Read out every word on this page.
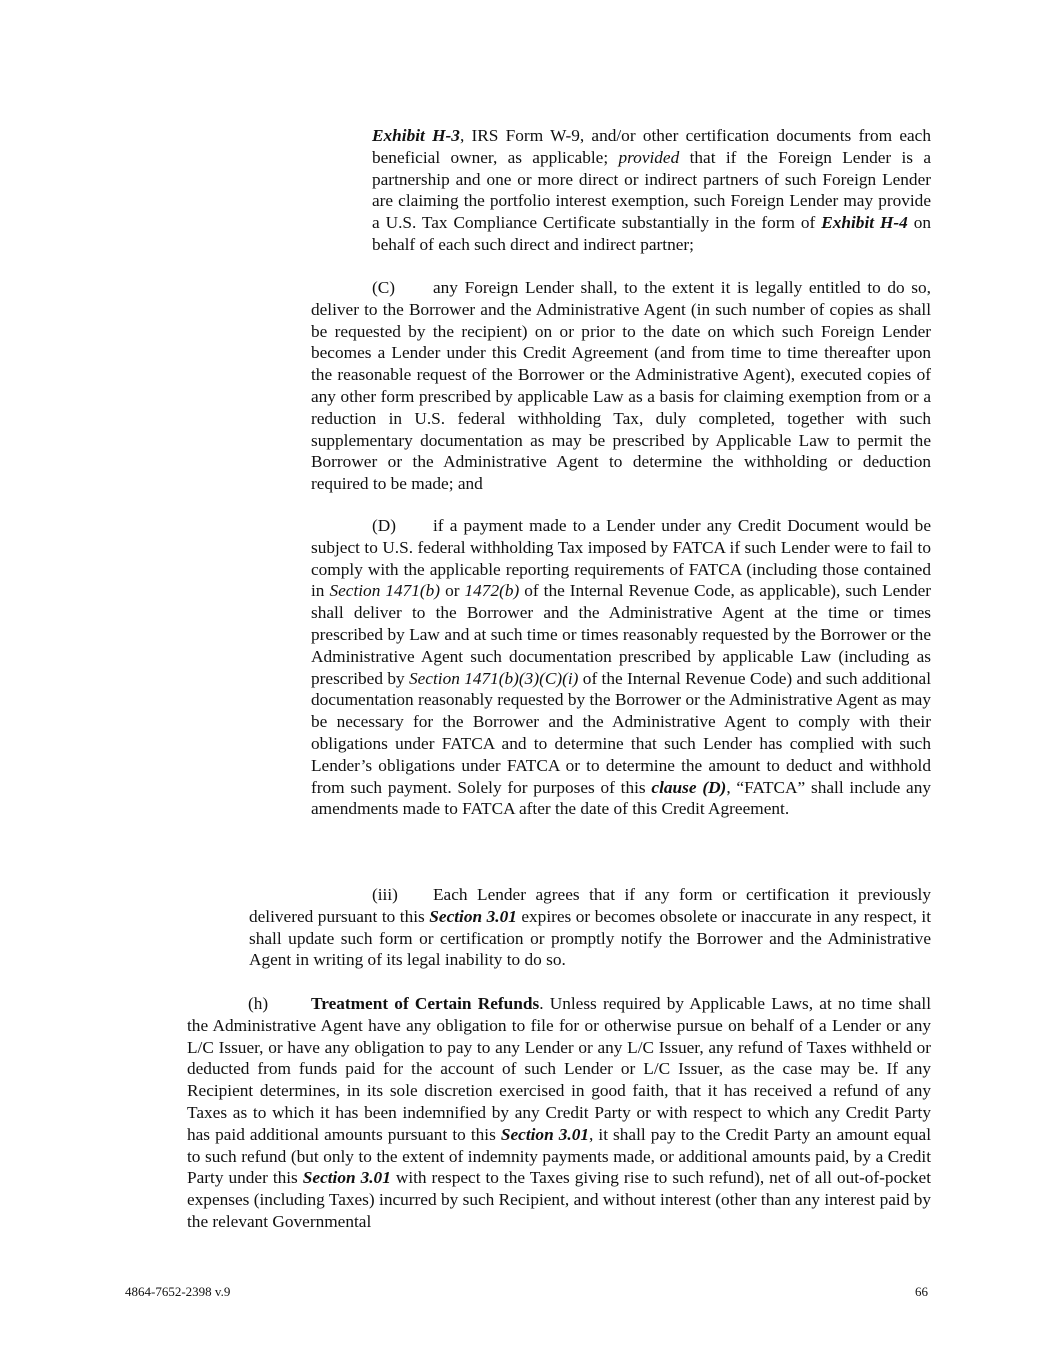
Exhibit H-3, IRS Form W-9, and/or other certification documents from each beneficial owner, as applicable; provided that if the Foreign Lender is a partnership and one or more direct or indirect partners of such Foreign Lender are claiming the portfolio interest exemption, such Foreign Lender may provide a U.S. Tax Compliance Certificate substantially in the form of Exhibit H-4 on behalf of each such direct and indirect partner;

(C) any Foreign Lender shall, to the extent it is legally entitled to do so, deliver to the Borrower and the Administrative Agent (in such number of copies as shall be requested by the recipient) on or prior to the date on which such Foreign Lender becomes a Lender under this Credit Agreement (and from time to time thereafter upon the reasonable request of the Borrower or the Administrative Agent), executed copies of any other form prescribed by applicable Law as a basis for claiming exemption from or a reduction in U.S. federal withholding Tax, duly completed, together with such supplementary documentation as may be prescribed by Applicable Law to permit the Borrower or the Administrative Agent to determine the withholding or deduction required to be made; and

(D) if a payment made to a Lender under any Credit Document would be subject to U.S. federal withholding Tax imposed by FATCA if such Lender were to fail to comply with the applicable reporting requirements of FATCA (including those contained in Section 1471(b) or 1472(b) of the Internal Revenue Code, as applicable), such Lender shall deliver to the Borrower and the Administrative Agent at the time or times prescribed by Law and at such time or times reasonably requested by the Borrower or the Administrative Agent such documentation prescribed by applicable Law (including as prescribed by Section 1471(b)(3)(C)(i) of the Internal Revenue Code) and such additional documentation reasonably requested by the Borrower or the Administrative Agent as may be necessary for the Borrower and the Administrative Agent to comply with their obligations under FATCA and to determine that such Lender has complied with such Lender’s obligations under FATCA or to determine the amount to deduct and withhold from such payment. Solely for purposes of this clause (D), “FATCA” shall include any amendments made to FATCA after the date of this Credit Agreement.

(iii) Each Lender agrees that if any form or certification it previously delivered pursuant to this Section 3.01 expires or becomes obsolete or inaccurate in any respect, it shall update such form or certification or promptly notify the Borrower and the Administrative Agent in writing of its legal inability to do so.

(h) Treatment of Certain Refunds. Unless required by Applicable Laws, at no time shall the Administrative Agent have any obligation to file for or otherwise pursue on behalf of a Lender or any L/C Issuer, or have any obligation to pay to any Lender or any L/C Issuer, any refund of Taxes withheld or deducted from funds paid for the account of such Lender or L/C Issuer, as the case may be. If any Recipient determines, in its sole discretion exercised in good faith, that it has received a refund of any Taxes as to which it has been indemnified by any Credit Party or with respect to which any Credit Party has paid additional amounts pursuant to this Section 3.01, it shall pay to the Credit Party an amount equal to such refund (but only to the extent of indemnity payments made, or additional amounts paid, by a Credit Party under this Section 3.01 with respect to the Taxes giving rise to such refund), net of all out-of-pocket expenses (including Taxes) incurred by such Recipient, and without interest (other than any interest paid by the relevant Governmental

4864-7652-2398 v.9	66
